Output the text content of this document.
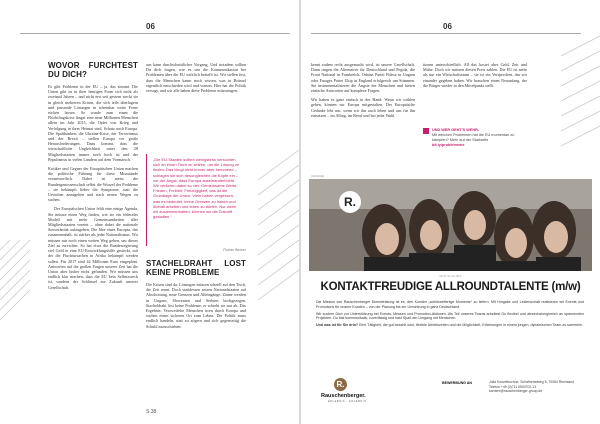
06
WOVOR FÜRCHTEST DU DICH?

Es gibt Probleme in der EU – ja, das stimmt. Die Union gibt zu in ihrer heutigen Form sich nicht als zweimal Jahren – und nicht erst seit gestern steckt sie in gleich mehreren Krisen, die sich teils überlagern und passende Lösungen in scheinbar weite Ferne rücken lassen. So wurde zum einen die Flüchtlingskrise längst eine neue Millionen Menschen allein im Jahr 2015, die Opfer von Krieg und Verfolgung in ihrer Heimat sind, Schutz nach Europa. Die Spaltbänken, die Ukraine-Krise, der Terrorismus und der Brexit – stellen Europa vor große Herausforderungen. Dazu kommt, dass die wirtschaftliche Ungleichheit unter den 28 Mitgliedsstaaten immer noch hoch ist und der Populismus in vielen Ländern auf dem Vormarsch.

Kritiker und Gegner der Europäischen Union machen die politische Führung für diese Missstände verantwortlich. Dabei ist meist die Bundesgenossenschaft selbst die Wurzel der Probleme – sie bekämpft lieber die Symptome, statt die Ursachen anzugehen und nach neuen Wegen zu suchen.

Der Europäischen Union fehlt eine einige Agenda. Sie müsste einen Weg finden, wie sie ein föderales Modell mit mehr Gemeinsamkeiten aller Mitgliedsstaaten vereint – ohne dabei die nationale Souveränität aufzugeben. Die Idee eines Europas, das zusammenhält, ist stärker als jeder Nationalismus. Wir müssen nur noch einen weiten Weg gehen, um dieses Ziel zu erreichen. So hat etwa die Bundesregierung viel Geld in eine EU-Entwicklungshilfe gesteckt, mit der die Fluchtursachen in Afrika bekämpft werden sollen. Für 2017 sind 42 Millionen Euro eingeplant. Antworten auf die großen Fragen unserer Zeit hat die Union aber bisher nicht gefunden. Wir müssen uns endlich klar machen, dass die EU kein Selbstzweck ist, sondern der Schlüssel zur Zukunft unserer Gesellschaft.

aus kann durchschnittlicher Vorgang. Und trotzdem sollten Du dich fragen, wie es um die Kommunikation bei Problemen über die EU wirklich bestellt ist. Wir stellen fest, dass die Menschen kaum noch wissen, was in Brüssel eigentlich entschieden wird und warum. Hier hat die Politik versagt, und wir alle haben diese Probleme mitzutragen.

„Die EU-Staaten sollten wenigstens versuchen, sich an einen Tisch zu setzen, um die Lösung zu finden. Das klingt nicht immer aber hemmend – schlagen sie sich desungleichen die Köpfe ein – vor der Angst, dass Europa auseinanderbricht. Wir verlieren dabei so viel: Gemeinsame Werte, Frieden, Freiheit, Freizügigkeit, das ist die Grundlage der Union. Viele haben vergessen, was es bedeutet, keine Grenzen zu haben und überall arbeiten und leben zu dürfen. Nur wenn wir zusammenhalten, können wir die Zukunft gestalten.“
Florian Becker
STACHELDRAHT LÖST KEINE PROBLEME

Die Krisen sind da. Lösungen müssen schnell auf den Tisch, die Zeit rennt. Doch stattdessen setzen Nationalstaaten auf Abschottung, neue Grenzen und Alleingänge. Zäune werden in Ungarn, Slowenien und Serbien hochgezogen. Stacheldraht löst keine Probleme, er schiebt sie nur ab. Das Ergebnis: Verzweifelte Menschen irren durch Europa und suchen einen sicheren Ort zum Leben. Die Politik muss endlich handeln, statt zu zögern und sich gegenseitig die Schuld zuzuschieben.

S.38
06

kennt zudem recht ausgemacht wird, ist unsere Gesellschaft. Dann ringen die Alternative für Deutschland und Pegida, die Front National in Frankreich, Orbáns Partei Fidesz in Ungarn oder Farages Partei Ukip in England erfolgreich um Stimmen. Sie instrumentalisieren die Ängste der Menschen und bieten einfache Antworten auf komplexe Fragen.

Wir haben es ganz einfach in der Hand: Wenn wir wählen gehen, können wir Europa mitgestalten. Der Europäische Gedanke lebt nur, wenn wir ihn auch leben und uns für ihn einsetzen – im Alltag, im Beruf und bei jeder Wahl.

tionen unterschiedlich. All das kostet aber Geld, Zeit und Mühe. Doch wir müssen diesen Preis zahlen. Die EU ist mehr als nur ein Wirtschaftsraum – sie ist ein Versprechen, das wir einander gegeben haben. Wir brauchen einen Neuanfang, der die Bürger wieder in den Mittelpunkt stellt.

UND WER GEHT'S WEHR-
Mit welchen Problemen hat die EU momentan zu kämpfen? Mehr auf der Startseite
bit.ly/problememe
ANZEIGE
R.
WIR SUCHEN
KONTAKTFREUDIGE ALLROUNDTALENTE (m/w)

Die Mission von Rauschenberger Dienstleistung ist es, den Kunden „schlüsselfertige Momente“ zu liefern. Mit Hingabe und Leidenschaft realisieren wir Events und Promotions für unsere Kunden – von der Planung bis zur Umsetzung in ganz Deutschland.

Wir suchen Dich zur Unterstützung bei Events, Messen und Promotion-Aktionen. Als Teil unseres Teams arbeitest Du flexibel und abwechslungsreich an spannenden Projekten. Du bist kommunikativ, zuverlässig und hast Spaß am Umgang mit Menschen.

Und was ist für Sie drin? Eine Tätigkeit, die gut bezahlt wird, flexible Arbeitszeiten und die Möglichkeit, Erfahrungen in einem jungen, dynamischen Team zu sammeln.

R.
Rauschenberger.
ERLEBNIS · ERLEBNIS
BEWERBUNG AN	Julia Kunzelbuchne, Schafhertalweg 5, 70084 Rheinland
Telefon +49 (0)711 6504702-13
karriere@rauschenberger-group.de
